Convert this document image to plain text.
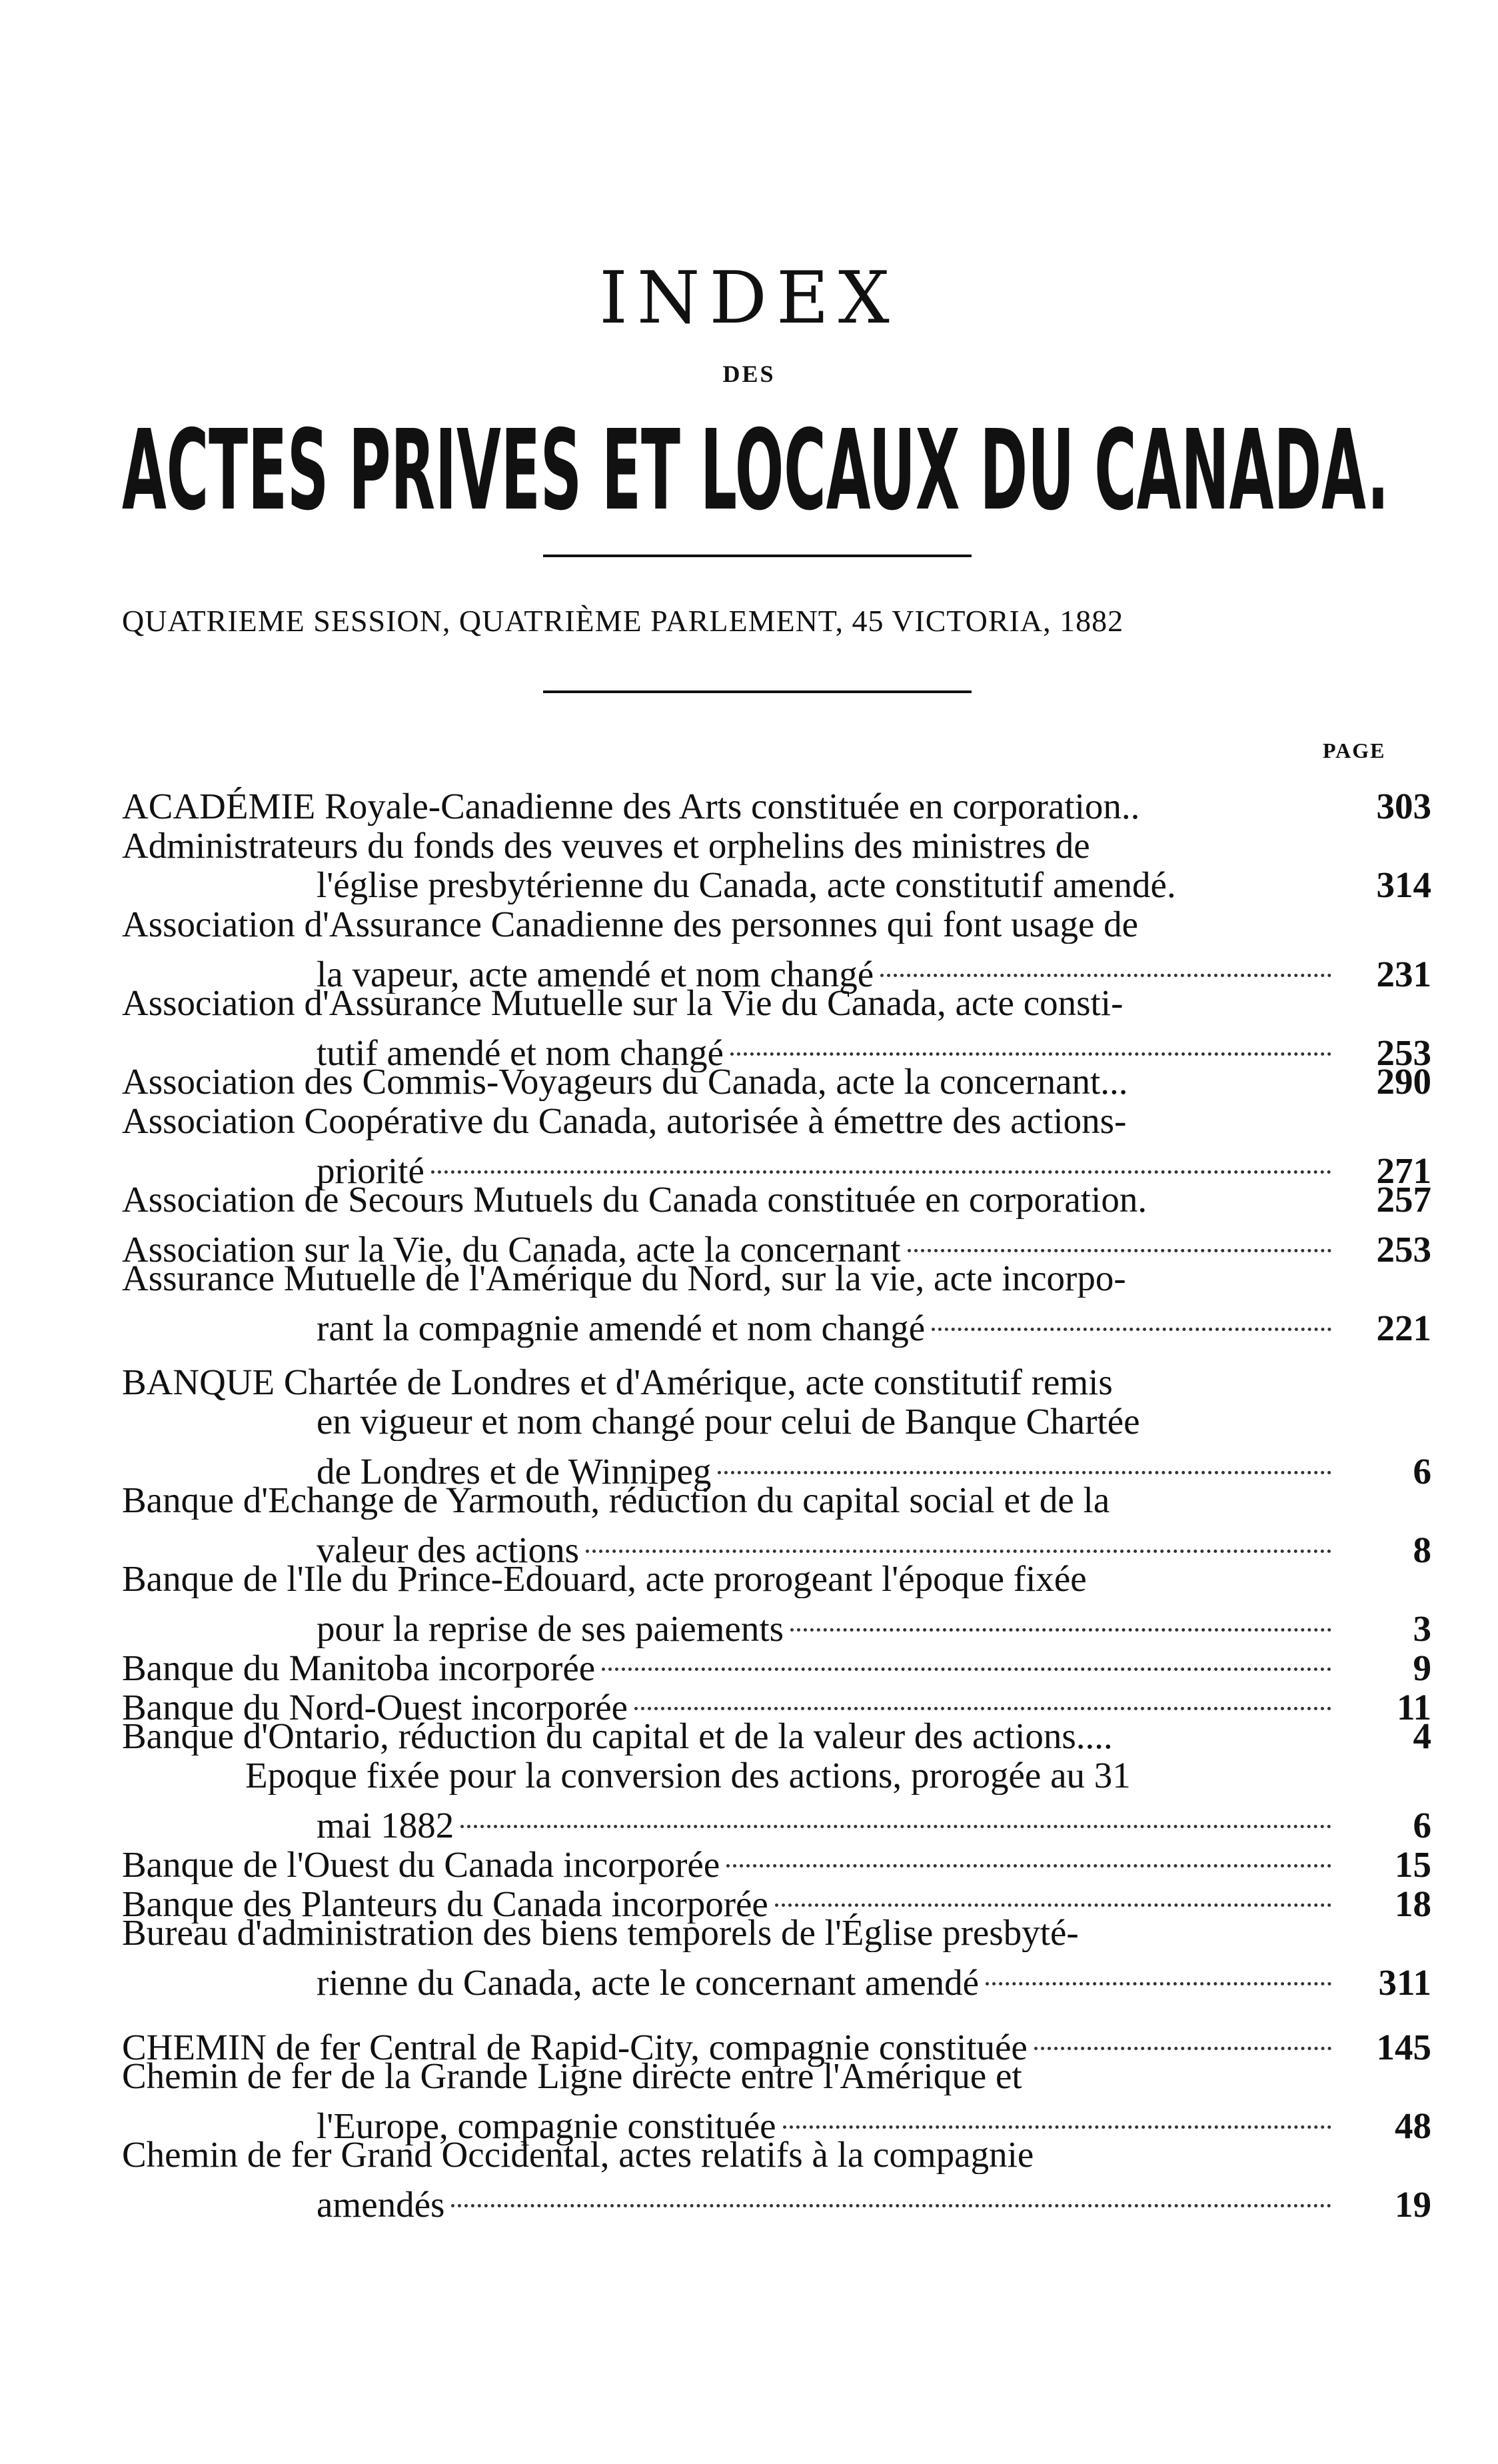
INDEX
DES
ACTES PRIVES ET LOCAUX DU CANADA.
QUATRIEME SESSION, QUATRIÈME PARLEMENT, 45 VICTORIA, 1882
PAGE
ACADÉMIE Royale-Canadienne des Arts constituée en corporation..	303
Administrateurs du fonds des veuves et orphelins des ministres de
l'église presbytérienne du Canada, acte constitutif amendé.	314
Association d'Assurance Canadienne des personnes qui font usage de
la vapeur, acte amendé et nom changé	231
Association d'Assurance Mutuelle sur la Vie du Canada, acte consti-
tutif amendé et nom changé	253
Association des Commis-Voyageurs du Canada, acte la concernant...	290
Association Coopérative du Canada, autorisée à émettre des actions-
priorité	271
Association de Secours Mutuels du Canada constituée en corporation.	257
Association sur la Vie, du Canada, acte la concernant	253
Assurance Mutuelle de l'Amérique du Nord, sur la vie, acte incorpo-
rant la compagnie amendé et nom changé	221
BANQUE Chartée de Londres et d'Amérique, acte constitutif remis
en vigueur et nom changé pour celui de Banque Chartée
de Londres et de Winnipeg	6
Banque d'Echange de Yarmouth, réduction du capital social et de la
valeur des actions	8
Banque de l'Ile du Prince-Edouard, acte prorogeant l'époque fixée
pour la reprise de ses paiements	3
Banque du Manitoba incorporée	9
Banque du Nord-Ouest incorporée	11
Banque d'Ontario, réduction du capital et de la valeur des actions....	4
Epoque fixée pour la conversion des actions, prorogée au 31
mai 1882	6
Banque de l'Ouest du Canada incorporée	15
Banque des Planteurs du Canada incorporée	18
Bureau d'administration des biens temporels de l'Église presbyté-
rienne du Canada, acte le concernant amendé	311
CHEMIN de fer Central de Rapid-City, compagnie constituée	145
Chemin de fer de la Grande Ligne directe entre l'Amérique et
l'Europe, compagnie constituée	48
Chemin de fer Grand Occidental, actes relatifs à la compagnie
amendés	19
